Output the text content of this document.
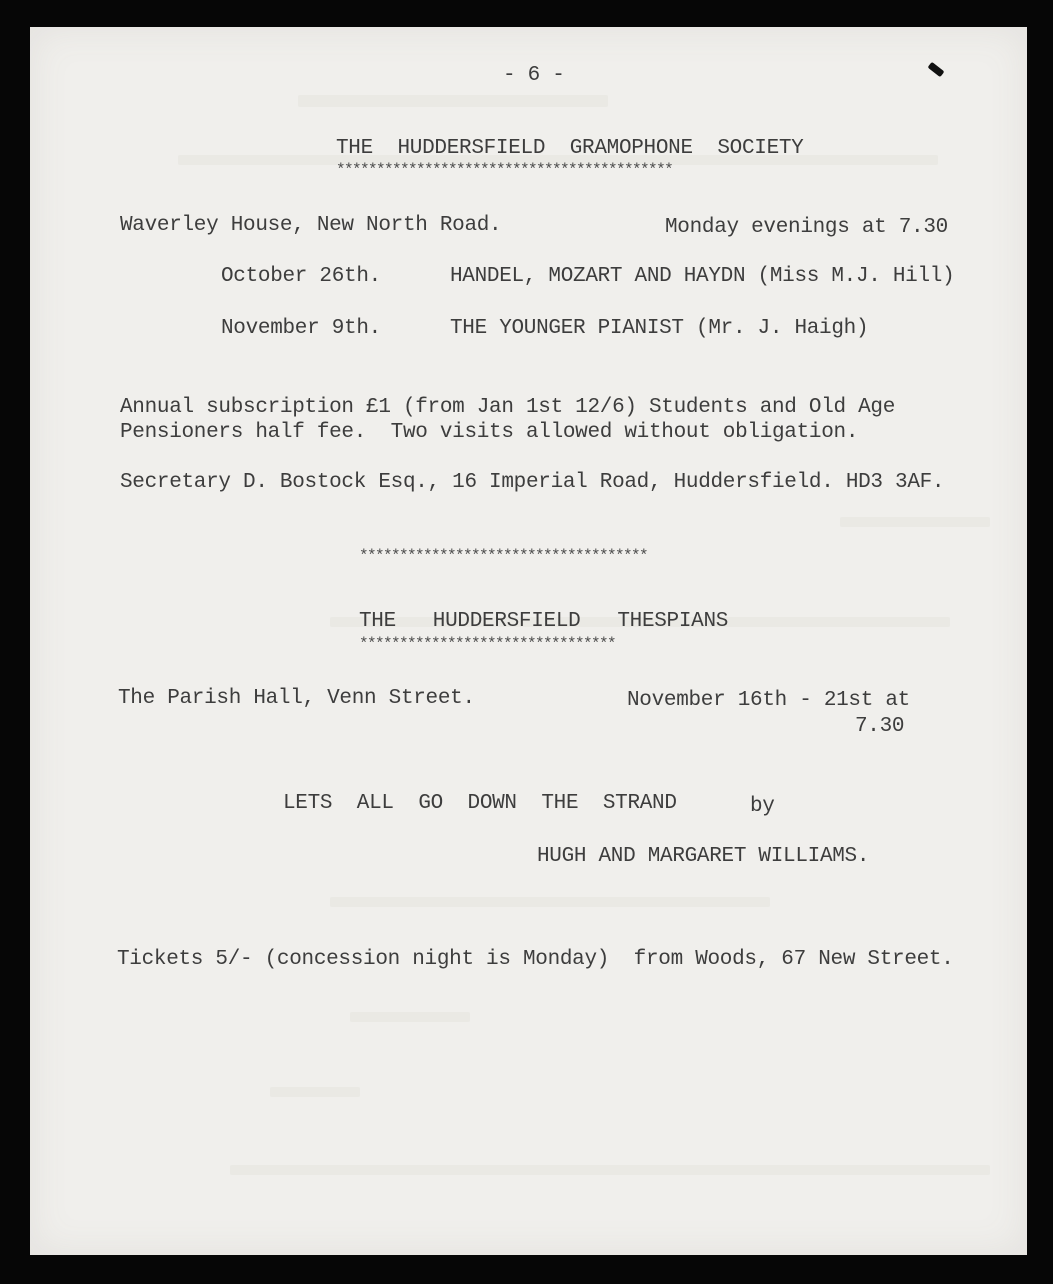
- 6 -

THE  HUDDERSFIELD  GRAMOPHONE  SOCIETY

******************************************

Waverley House, New North Road.	Monday evenings at 7.30

October 26th.	HANDEL, MOZART AND HAYDN (Miss M.J. Hill)

November 9th.	THE YOUNGER PIANIST (Mr. J. Haigh)

Annual subscription £1 (from Jan 1st 12/6) Students and Old Age

Pensioners half fee.  Two visits allowed without obligation.

Secretary D. Bostock Esq., 16 Imperial Road, Huddersfield. HD3 3AF.

************************************

THE   HUDDERSFIELD   THESPIANS

********************************

The Parish Hall, Venn Street.	November 16th - 21st at

7.30

LETS  ALL  GO  DOWN  THE  STRAND	by

HUGH AND MARGARET WILLIAMS.

Tickets 5/- (concession night is Monday)  from Woods, 67 New Street.
